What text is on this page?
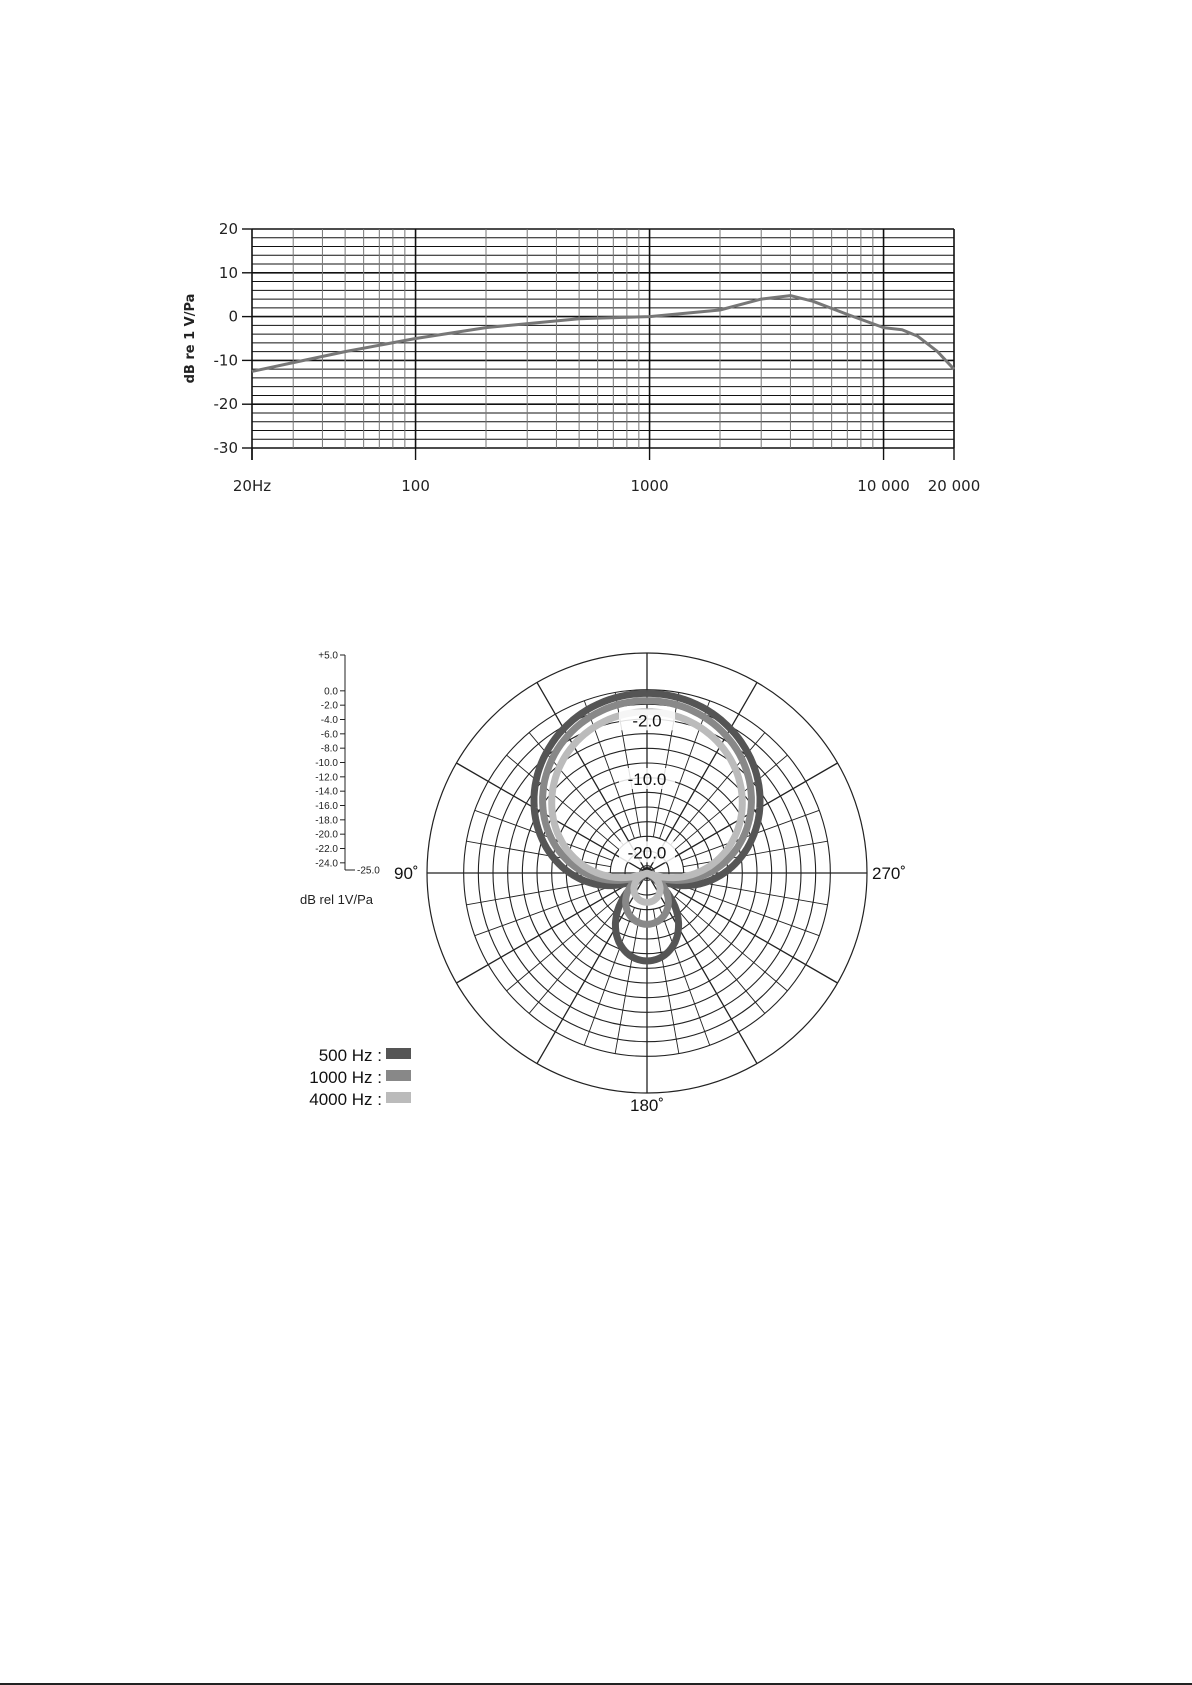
20
10
0
-10
-20
-30
20Hz	100	1000	10 000 20 000
dB re 1 V/Pa
-2.0
-10.0
-20.0
+5.0
0.0
-2.0
-4.0
-6.0
-8.0
-10.0
-12.0
-14.0
-16.0
-18.0
-20.0
-22.0
-24.0
-25.0 90˚	270˚
180˚
dB rel 1V/Pa
500 Hz :
1000 Hz :
4000 Hz :
